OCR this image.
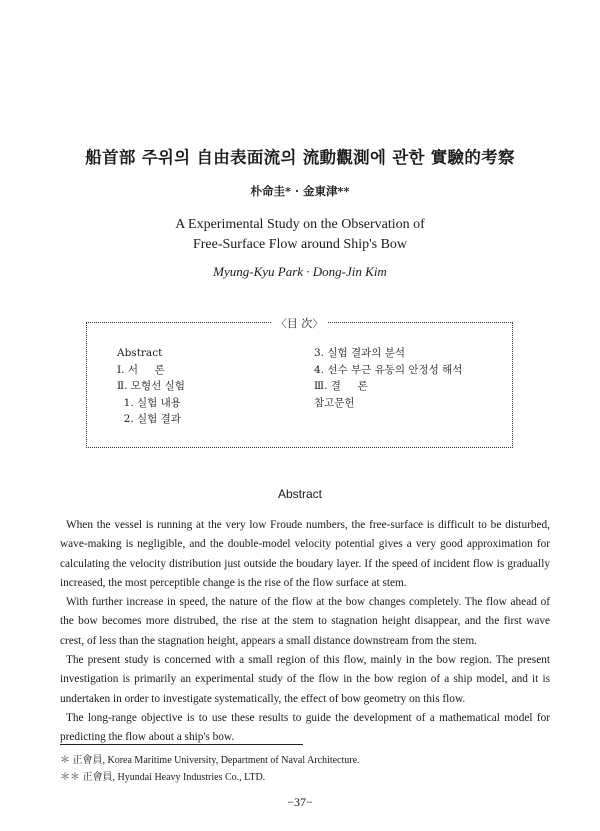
船首部 주위의 自由表面流의 流動觀測에 관한 實驗的考察
朴命圭* · 金東津**
A Experimental Study on the Observation of
Free-Surface Flow around Ship's Bow
Myung-Kyu Park · Dong-Jin Kim
〈目 次〉
Abstract
Ⅰ. 서     론
Ⅱ. 모형선 실험
1. 실험 내용
2. 실험 결과
3. 실험 결과의 분석
4. 선수 부근 유동의 안정성 해석
Ⅲ. 결     론
참고문헌
Abstract

When the vessel is running at the very low Froude numbers, the free-surface is difficult to be disturbed, wave-making is negligible, and the double-model velocity potential gives a very good approximation for calculating the velocity distribution just outside the boudary layer. If the speed of incident flow is gradually increased, the most perceptible change is the rise of the flow surface at stem.

With further increase in speed, the nature of the flow at the bow changes completely. The flow ahead of the bow becomes more distrubed, the rise at the stem to stagnation height disappear, and the first wave crest, of less than the stagnation height, appears a small distance downstream from the stem.

The present study is concerned with a small region of this flow, mainly in the bow region. The present investigation is primarily an experimental study of the flow in the bow region of a ship model, and it is undertaken in order to investigate systematically, the effect of bow geometry on this flow.

The long-range objective is to use these results to guide the development of a mathematical model for predicting the flow about a ship's bow.

＊ 正會員, Korea Maritime University, Department of Naval Architecture.
＊＊ 正會員, Hyundai Heavy Industries Co., LTD.
−37−
